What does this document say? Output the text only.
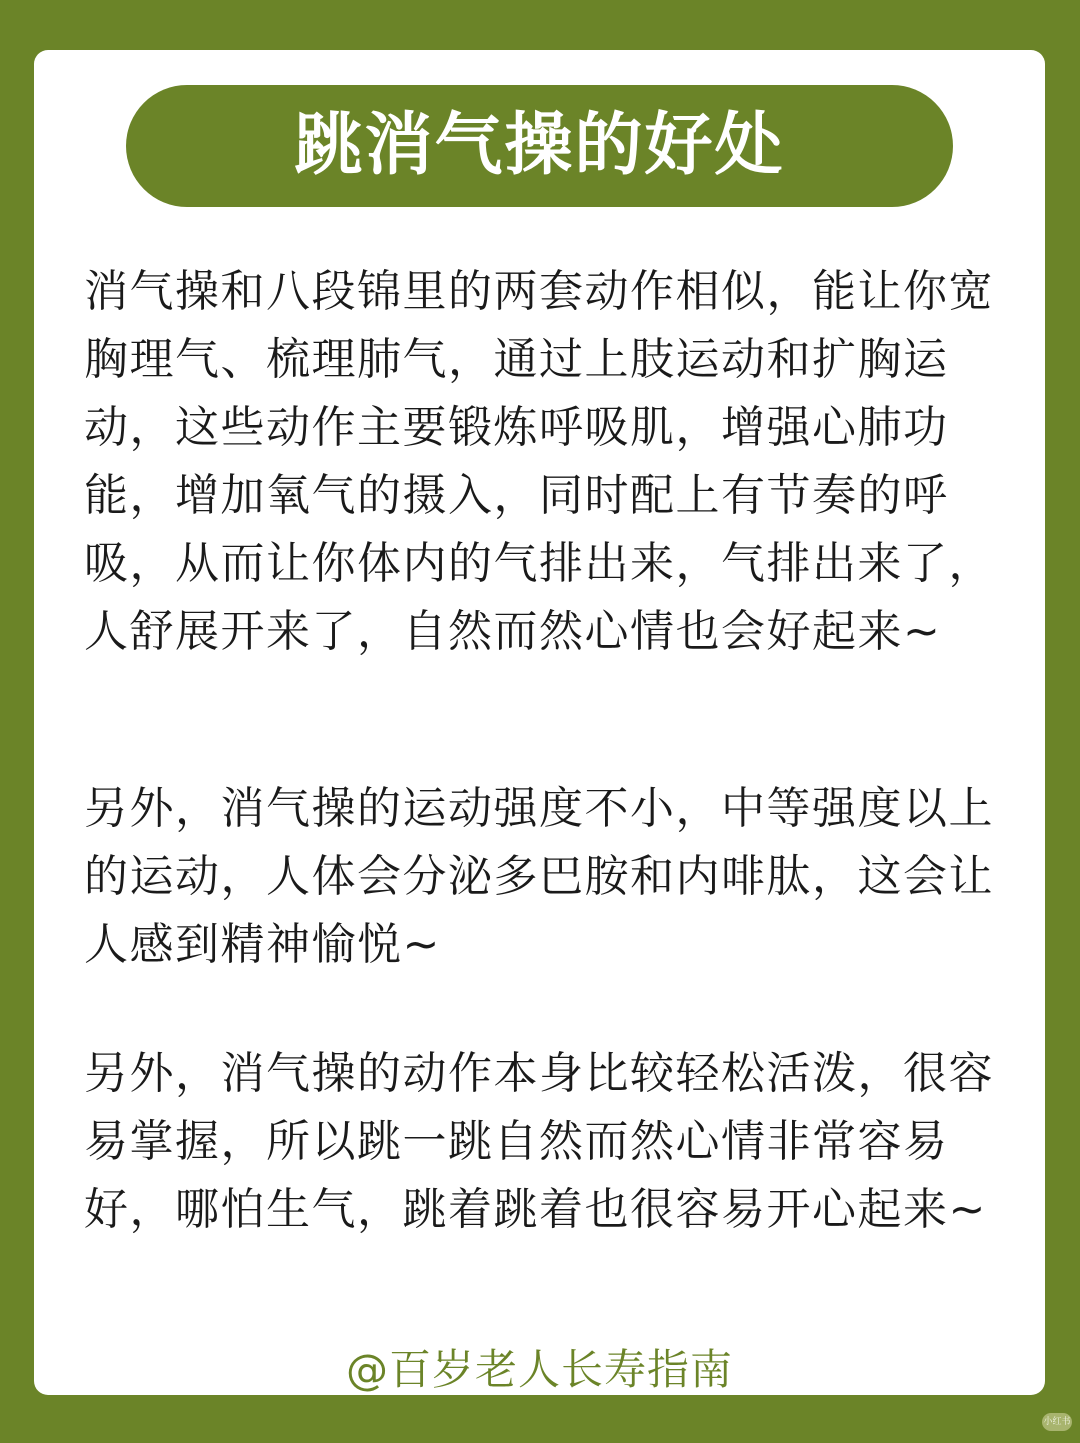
跳消气操的好处

消气操和八段锦里的两套动作相似，能让你宽胸理气、梳理肺气，通过上肢运动和扩胸运动，这些动作主要锻炼呼吸肌，增强心肺功能，增加氧气的摄入，同时配上有节奏的呼吸，从而让你体内的气排出来，气排出来了，人舒展开来了，自然而然心情也会好起来~

另外，消气操的运动强度不小，中等强度以上的运动，人体会分泌多巴胺和内啡肽，这会让人感到精神愉悦~

另外，消气操的动作本身比较轻松活泼，很容易掌握，所以跳一跳自然而然心情非常容易好，哪怕生气，跳着跳着也很容易开心起来~

@百岁老人长寿指南
小红书
